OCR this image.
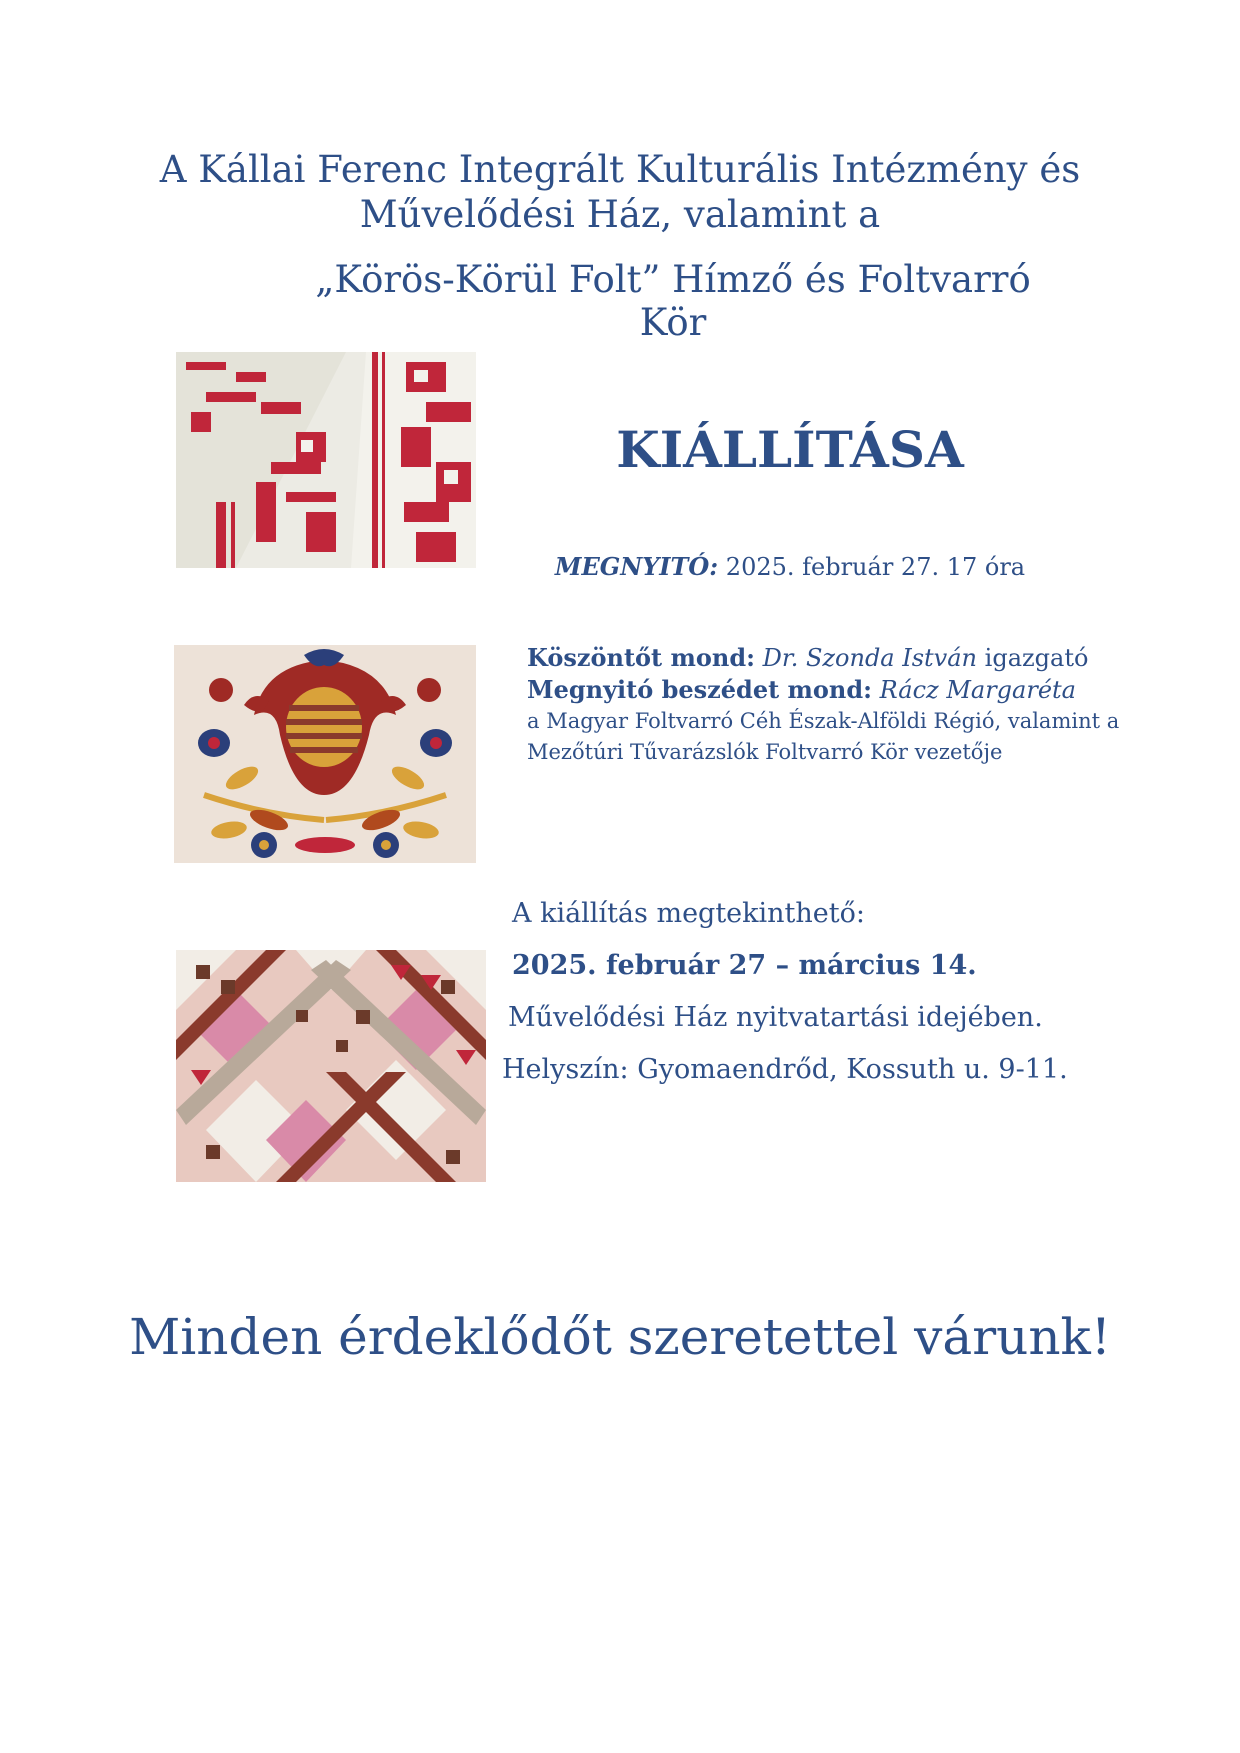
A Kállai Ferenc Integrált Kulturális Intézmény és
Művelődési Ház, valamint a
„Körös-Körül Folt” Hímző és Foltvarró Kör
KIÁLLÍTÁSA
MEGNYITÓ: 2025. február 27. 17 óra
Köszöntőt mond: Dr. Szonda István igazgató
Megnyitó beszédet mond: Rácz Margaréta
a Magyar Foltvarró Céh Észak-Alföldi Régió, valamint a
Mezőtúri Tűvarázslók Foltvarró Kör vezetője
A kiállítás megtekinthető:
2025. február 27 – március 14.
Művelődési Ház nyitvatartási idejében.
Helyszín: Gyomaendrőd, Kossuth u. 9-11.
Minden érdeklődőt szeretettel várunk!
